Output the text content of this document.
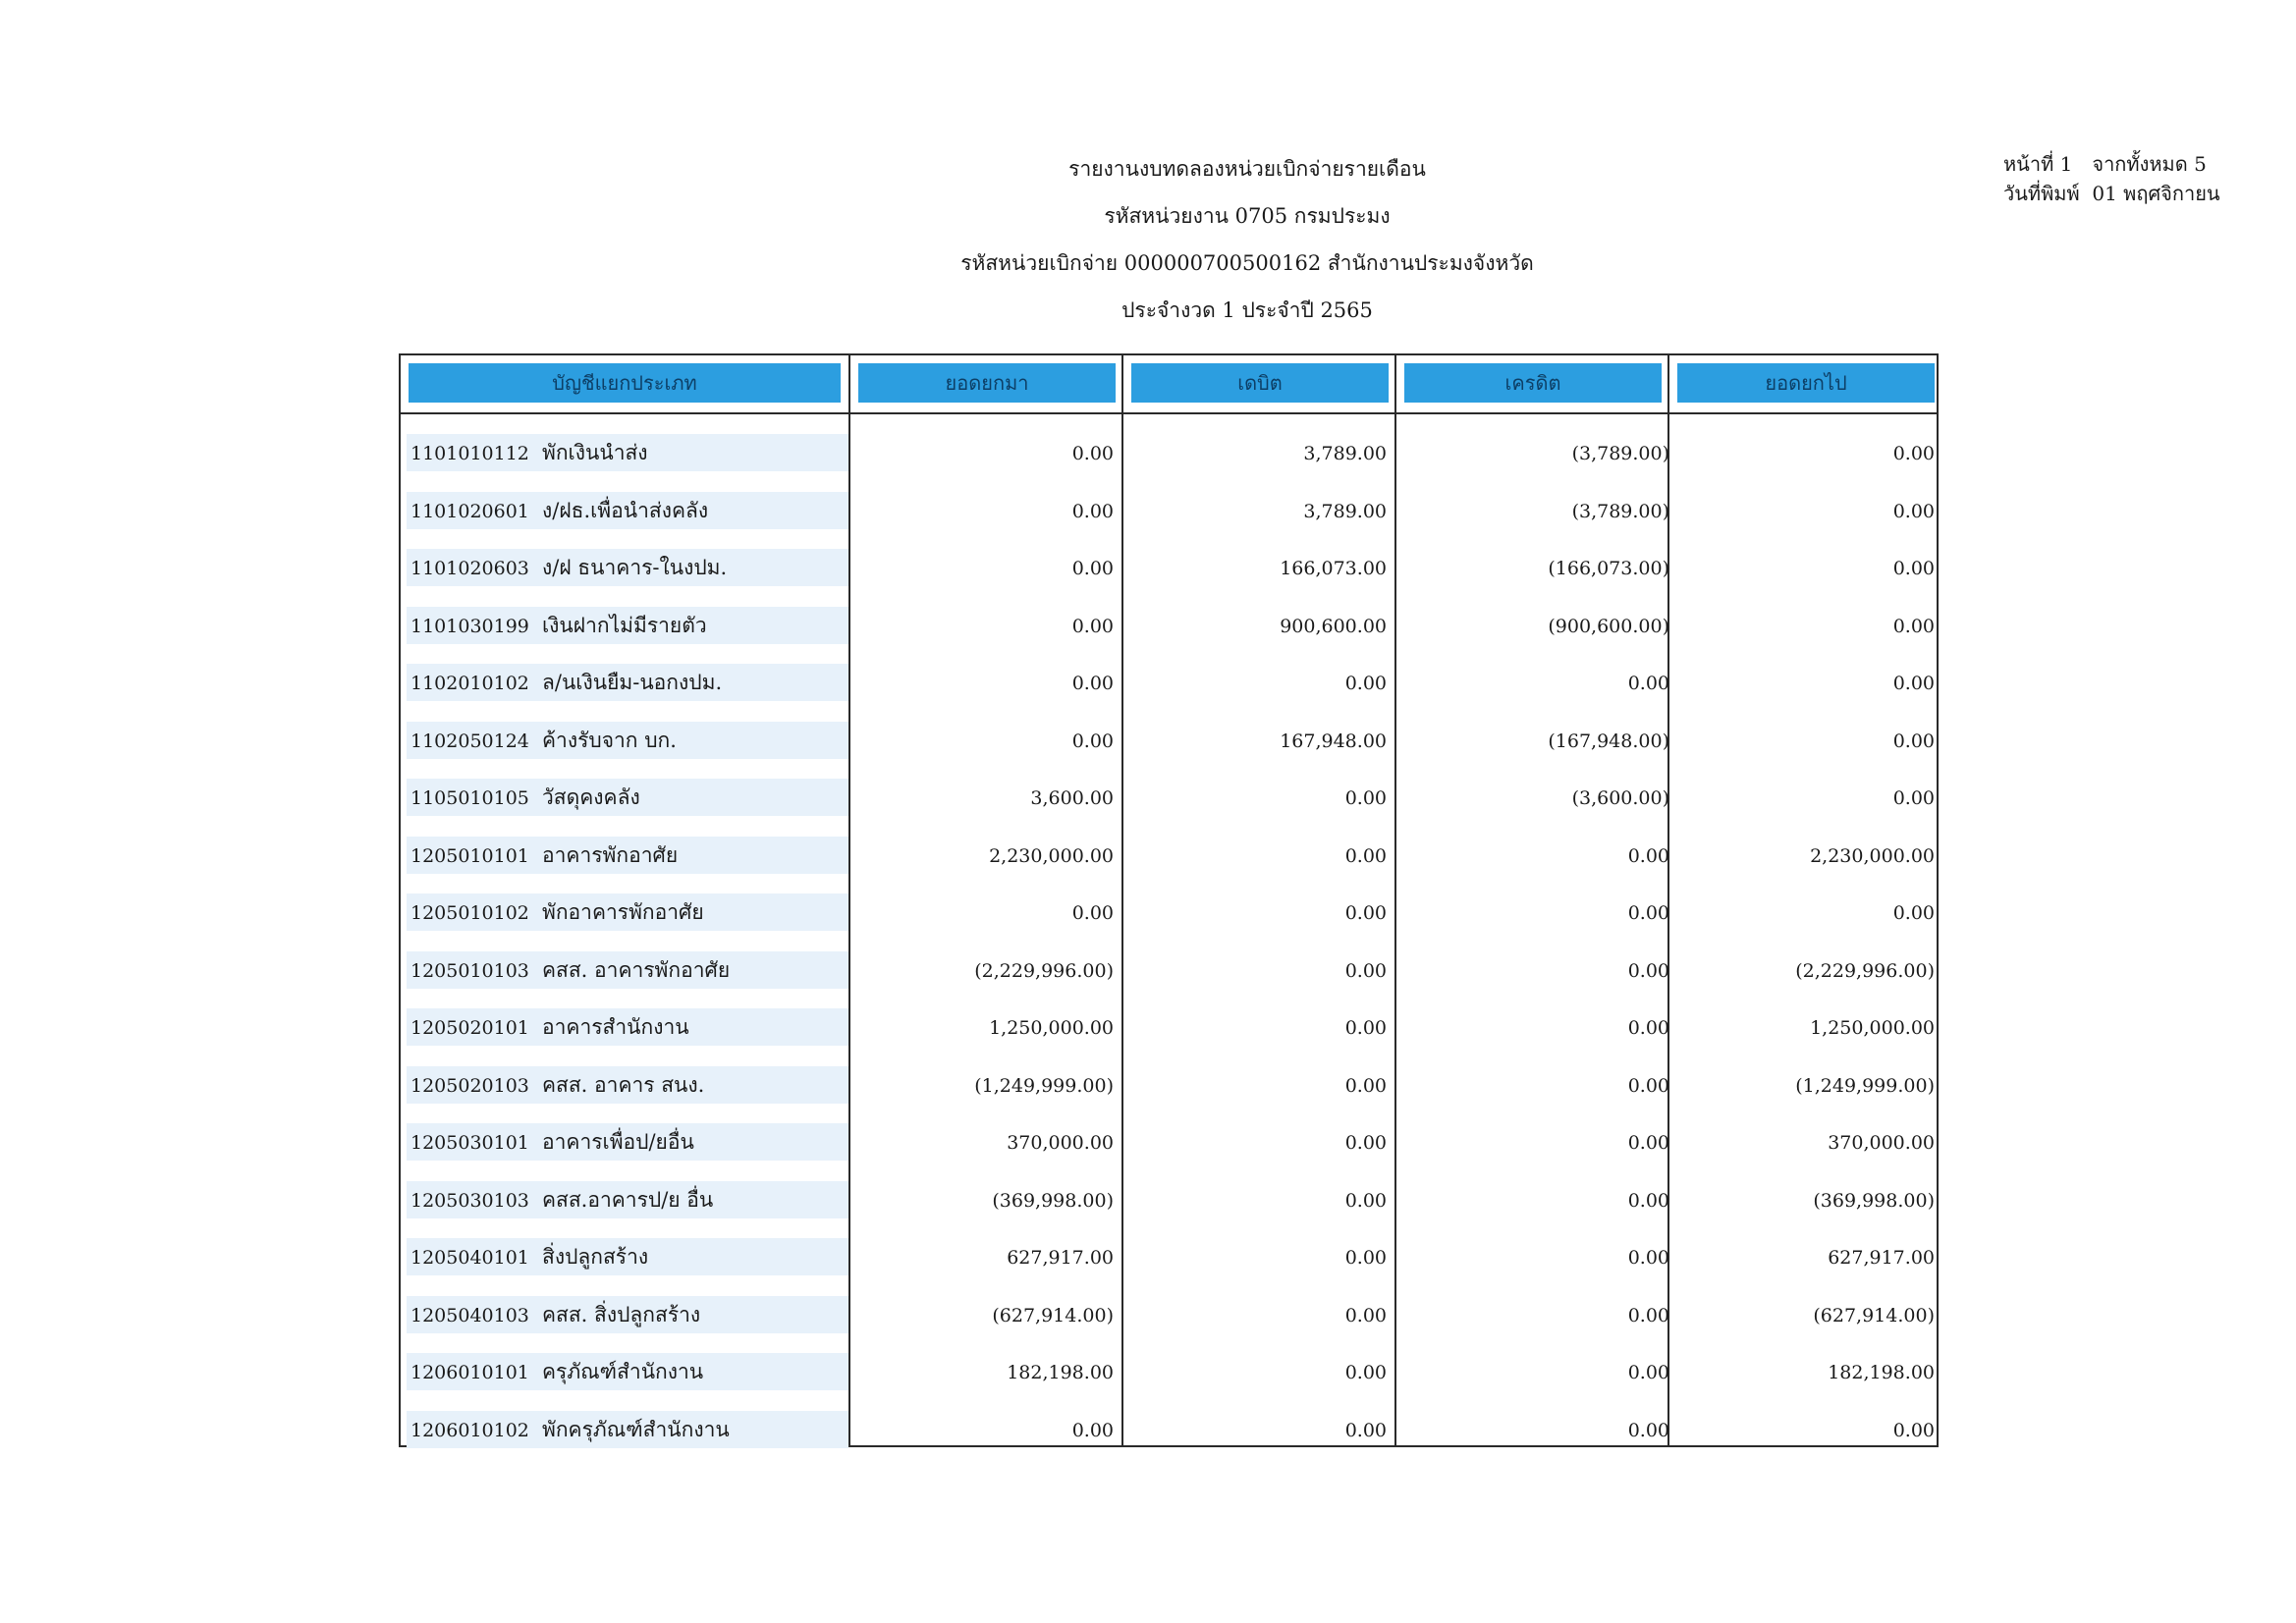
รายงานงบทดลองหน่วยเบิกจ่ายรายเดือน
รหัสหน่วยงาน 0705 กรมประมง
รหัสหน่วยเบิกจ่าย 000000700500162 สำนักงานประมงจังหวัด
ประจำงวด 1 ประจำปี 2565
หน้าที่ 1 จากทั้งหมด 5
วันที่พิมพ์ 01 พฤศจิกายน
บัญชีแยกประเภท	ยอดยกมา	เดบิต	เครดิต	ยอดยกไป
1101010112 พักเงินนำส่ง	0.00	3,789.00	(3,789.00)	0.00
1101020601 ง/ฝธ.เพื่อนำส่งคลัง	0.00	3,789.00	(3,789.00)	0.00
1101020603 ง/ฝ ธนาคาร-ในงปม.	0.00	166,073.00	(166,073.00)	0.00
1101030199 เงินฝากไม่มีรายตัว	0.00	900,600.00	(900,600.00)	0.00
1102010102 ล/นเงินยืม-นอกงปม.	0.00	0.00	0.00	0.00
1102050124 ค้างรับจาก บก.	0.00	167,948.00	(167,948.00)	0.00
1105010105 วัสดุคงคลัง	3,600.00	0.00	(3,600.00)	0.00
1205010101 อาคารพักอาศัย	2,230,000.00	0.00	0.00	2,230,000.00
1205010102 พักอาคารพักอาศัย	0.00	0.00	0.00	0.00
1205010103 คสส. อาคารพักอาศัย	(2,229,996.00)	0.00	0.00	(2,229,996.00)
1205020101 อาคารสำนักงาน	1,250,000.00	0.00	0.00	1,250,000.00
1205020103 คสส. อาคาร สนง.	(1,249,999.00)	0.00	0.00	(1,249,999.00)
1205030101 อาคารเพื่อป/ยอื่น	370,000.00	0.00	0.00	370,000.00
1205030103 คสส.อาคารป/ย อื่น	(369,998.00)	0.00	0.00	(369,998.00)
1205040101 สิ่งปลูกสร้าง	627,917.00	0.00	0.00	627,917.00
1205040103 คสส. สิ่งปลูกสร้าง	(627,914.00)	0.00	0.00	(627,914.00)
1206010101 ครุภัณฑ์สำนักงาน	182,198.00	0.00	0.00	182,198.00
1206010102 พักครุภัณฑ์สำนักงาน	0.00	0.00	0.00	0.00
